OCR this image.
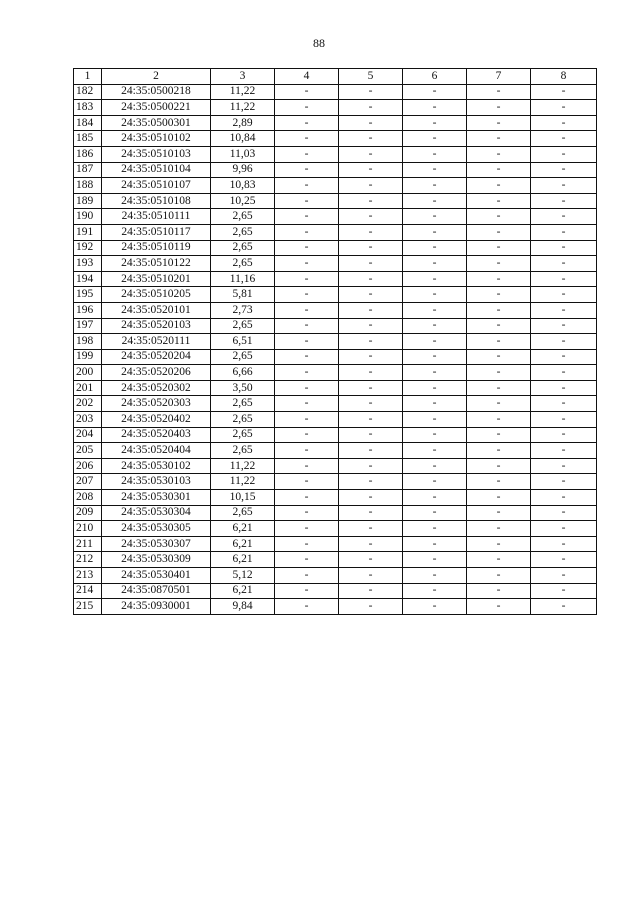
88
1	2	3	4	5	6	7	8
182	24:35:0500218	11,22	-	-	-	-	-
183	24:35:0500221	11,22	-	-	-	-	-
184	24:35:0500301	2,89	-	-	-	-	-
185	24:35:0510102	10,84	-	-	-	-	-
186	24:35:0510103	11,03	-	-	-	-	-
187	24:35:0510104	9,96	-	-	-	-	-
188	24:35:0510107	10,83	-	-	-	-	-
189	24:35:0510108	10,25	-	-	-	-	-
190	24:35:0510111	2,65	-	-	-	-	-
191	24:35:0510117	2,65	-	-	-	-	-
192	24:35:0510119	2,65	-	-	-	-	-
193	24:35:0510122	2,65	-	-	-	-	-
194	24:35:0510201	11,16	-	-	-	-	-
195	24:35:0510205	5,81	-	-	-	-	-
196	24:35:0520101	2,73	-	-	-	-	-
197	24:35:0520103	2,65	-	-	-	-	-
198	24:35:0520111	6,51	-	-	-	-	-
199	24:35:0520204	2,65	-	-	-	-	-
200	24:35:0520206	6,66	-	-	-	-	-
201	24:35:0520302	3,50	-	-	-	-	-
202	24:35:0520303	2,65	-	-	-	-	-
203	24:35:0520402	2,65	-	-	-	-	-
204	24:35:0520403	2,65	-	-	-	-	-
205	24:35:0520404	2,65	-	-	-	-	-
206	24:35:0530102	11,22	-	-	-	-	-
207	24:35:0530103	11,22	-	-	-	-	-
208	24:35:0530301	10,15	-	-	-	-	-
209	24:35:0530304	2,65	-	-	-	-	-
210	24:35:0530305	6,21	-	-	-	-	-
211	24:35:0530307	6,21	-	-	-	-	-
212	24:35:0530309	6,21	-	-	-	-	-
213	24:35:0530401	5,12	-	-	-	-	-
214	24:35:0870501	6,21	-	-	-	-	-
215	24:35:0930001	9,84	-	-	-	-	-
